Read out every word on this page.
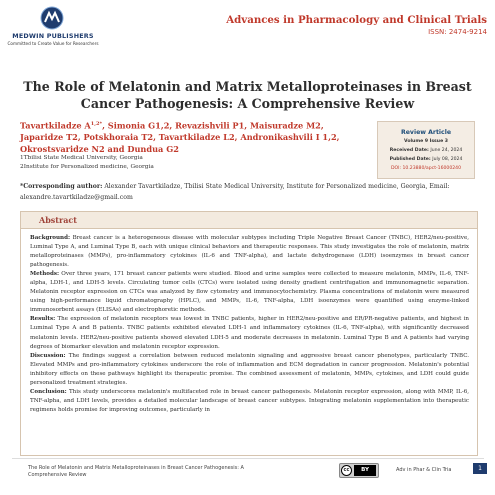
MEDWIN PUBLISHERS
Committed to Create Value for Researchers
Advances in Pharmacology and Clinical Trials
ISSN: 2474-9214
The Role of Melatonin and Matrix Metalloproteinases in Breast Cancer Pathogenesis: A Comprehensive Review
Tavartkiladze $A^{1,2*}$, Simonia G1,2, Revazishvili P1, Maisuradze M2, Japaridze T2, Potskhoraia T2, Tavartkiladze L2, Andronikashvili I 1,2, Okrostsvaridze N2 and Dundua G2
1Tbilisi State Medical University, Georgia
2Institute for Personalized medicine, Georgia
Review Article
Volume 9 Issue 3
Received Date: June 24, 2024
Published Date: July 08, 2024
DOI: 10.23880/apct-16000240
*Corresponding author: Alexander Tavartkiladze, Tbilisi State Medical University, Institute for Personalized medicine, Georgia, Email: alexandre.tavartkiladze@gmail.com
Abstract

Background: Breast cancer is a heterogeneous disease with molecular subtypes including Triple Negative Breast Cancer (TNBC), HER2/neu-positive, Luminal Type A, and Luminal Type B, each with unique clinical behaviors and therapeutic responses. This study investigates the role of melatonin, matrix metalloproteinases (MMPs), pro-inflammatory cytokines (IL-6 and TNF-alpha), and lactate dehydrogenase (LDH) isoenzymes in breast cancer pathogenesis.

Methods: Over three years, 171 breast cancer patients were studied. Blood and urine samples were collected to measure melatonin, MMPs, IL-6, TNF-alpha, LDH-1, and LDH-5 levels. Circulating tumor cells (CTCs) were isolated using density gradient centrifugation and immunomagnetic separation. Melatonin receptor expression on CTCs was analyzed by flow cytometry and immunocytochemistry. Plasma concentrations of melatonin were measured using high-performance liquid chromatography (HPLC), and MMPs, IL-6, TNF-alpha, LDH isoenzymes were quantified using enzyme-linked immunosorbent assays (ELISAs) and electrophoretic methods.

Results: The expression of melatonin receptors was lowest in TNBC patients, higher in HER2/neu-positive and ER/PR-negative patients, and highest in Luminal Type A and B patients. TNBC patients exhibited elevated LDH-1 and inflammatory cytokines (IL-6, TNF-alpha), with significantly decreased melatonin levels. HER2/neu-positive patients showed elevated LDH-5 and moderate decreases in melatonin. Luminal Type B and A patients had varying degrees of biomarker elevation and melatonin receptor expression.

Discussion: The findings suggest a correlation between reduced melatonin signaling and aggressive breast cancer phenotypes, particularly TNBC. Elevated MMPs and pro-inflammatory cytokines underscore the role of inflammation and ECM degradation in cancer progression. Melatonin's potential inhibitory effects on these pathways highlight its therapeutic promise. The combined assessment of melatonin, MMPs, cytokines, and LDH could guide personalized treatment strategies.

Conclusion: This study underscores melatonin's multifaceted role in breast cancer pathogenesis. Melatonin receptor expression, along with MMP, IL-6, TNF-alpha, and LDH levels, provides a detailed molecular landscape of breast cancer subtypes. Integrating melatonin supplementation into therapeutic regimens holds promise for improving outcomes, particularly in

The Role of Melatonin and Matrix Metalloproteinases in Breast Cancer Pathogenesis: A Comprehensive Review
cc	BY	Adv in Phar & Clin Tria	1
